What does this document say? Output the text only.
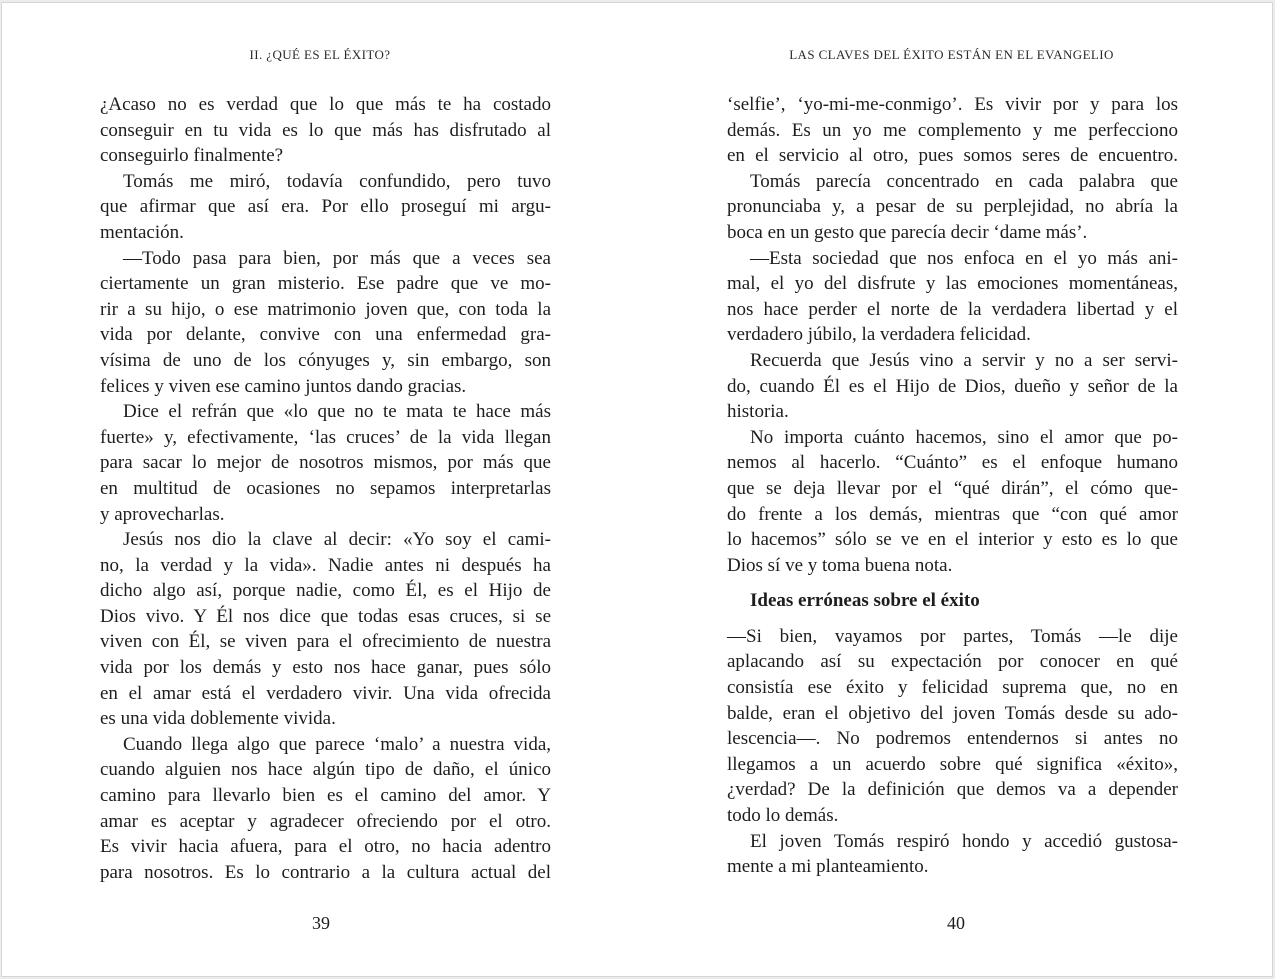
II. ¿QUÉ ES EL ÉXITO?
¿Acaso no es verdad que lo que más te ha costado
conseguir en tu vida es lo que más has disfrutado al
conseguirlo finalmente?
Tomás me miró, todavía confundido, pero tuvo
que afirmar que así era. Por ello proseguí mi argu-
mentación.
—Todo pasa para bien, por más que a veces sea
ciertamente un gran misterio. Ese padre que ve mo-
rir a su hijo, o ese matrimonio joven que, con toda la
vida por delante, convive con una enfermedad gra-
vísima de uno de los cónyuges y, sin embargo, son
felices y viven ese camino juntos dando gracias.
Dice el refrán que «lo que no te mata te hace más
fuerte» y, efectivamente, ‘las cruces’ de la vida llegan
para sacar lo mejor de nosotros mismos, por más que
en multitud de ocasiones no sepamos interpretarlas
y aprovecharlas.
Jesús nos dio la clave al decir: «Yo soy el cami-
no, la verdad y la vida». Nadie antes ni después ha
dicho algo así, porque nadie, como Él, es el Hijo de
Dios vivo. Y Él nos dice que todas esas cruces, si se
viven con Él, se viven para el ofrecimiento de nuestra
vida por los demás y esto nos hace ganar, pues sólo
en el amar está el verdadero vivir. Una vida ofrecida
es una vida doblemente vivida.
Cuando llega algo que parece ‘malo’ a nuestra vida,
cuando alguien nos hace algún tipo de daño, el único
camino para llevarlo bien es el camino del amor. Y
amar es aceptar y agradecer ofreciendo por el otro.
Es vivir hacia afuera, para el otro, no hacia adentro
para nosotros. Es lo contrario a la cultura actual del
39
LAS CLAVES DEL ÉXITO ESTÁN EN EL EVANGELIO
‘selfie’, ‘yo-mi-me-conmigo’. Es vivir por y para los
demás. Es un yo me complemento y me perfecciono
en el servicio al otro, pues somos seres de encuentro.
Tomás parecía concentrado en cada palabra que
pronunciaba y, a pesar de su perplejidad, no abría la
boca en un gesto que parecía decir ‘dame más’.
—Esta sociedad que nos enfoca en el yo más ani-
mal, el yo del disfrute y las emociones momentáneas,
nos hace perder el norte de la verdadera libertad y el
verdadero júbilo, la verdadera felicidad.
Recuerda que Jesús vino a servir y no a ser servi-
do, cuando Él es el Hijo de Dios, dueño y señor de la
historia.
No importa cuánto hacemos, sino el amor que po-
nemos al hacerlo. “Cuánto” es el enfoque humano
que se deja llevar por el “qué dirán”, el cómo que-
do frente a los demás, mientras que “con qué amor
lo hacemos” sólo se ve en el interior y esto es lo que
Dios sí ve y toma buena nota.
Ideas erróneas sobre el éxito
—Si bien, vayamos por partes, Tomás —le dije
aplacando así su expectación por conocer en qué
consistía ese éxito y felicidad suprema que, no en
balde, eran el objetivo del joven Tomás desde su ado-
lescencia—. No podremos entendernos si antes no
llegamos a un acuerdo sobre qué significa «éxito»,
¿verdad? De la definición que demos va a depender
todo lo demás.
El joven Tomás respiró hondo y accedió gustosa-
mente a mi planteamiento.
40
